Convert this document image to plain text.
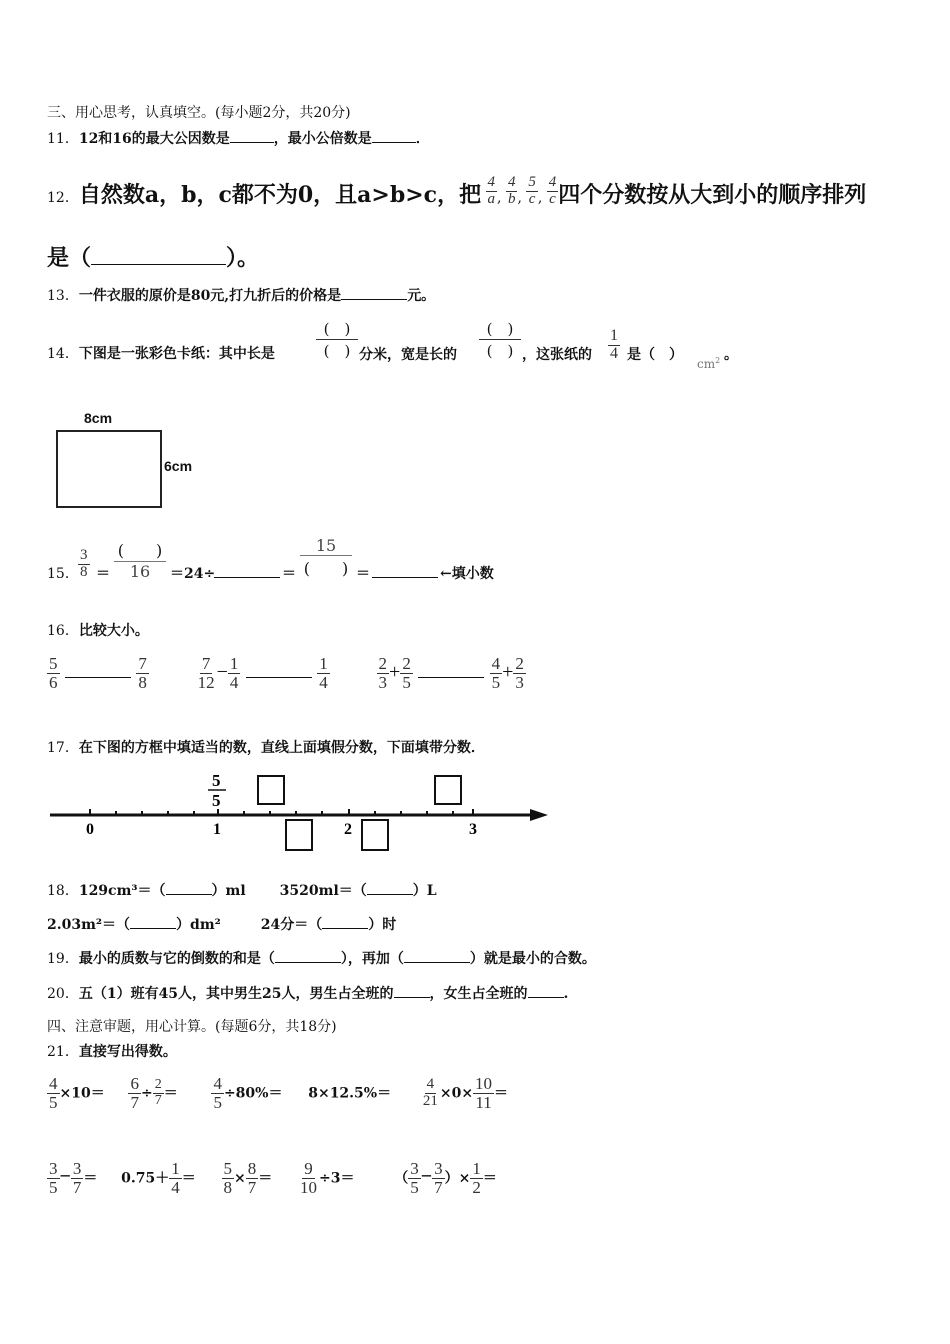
三、用心思考，认真填空。(每小题2分，共20分)
11．12和16的最大公因数是	，最小公倍数是	．
12．自然数a，b，c都不为0，且a>b>c，把 $\frac{4}{a}$ , $\frac{4}{b}$ , $\frac{5}{c}$ , $\frac{4}{c}$ 四个分数按从大到小的顺序排列
是（	）。
13．一件衣服的原价是80元,打九折后的价格是	元。
14．下图是一张彩色卡纸：其中长是
(　)
(　) 分米，宽是长的
(　)
(　) ，这张纸的 $\frac{1}{4}$ 是（　）
$cm^2$ 。
8cm
6cm
15． $\frac{3}{8}$ ＝
(　　)
16	＝24÷	＝
15
(　　) ＝	←填小数
16．比较大小。
$\frac{5}{6}$
	$\frac{7}{8}$
	$\frac{7}{12} - \frac{1}{4}$
	$\frac{1}{4}$
	$\frac{2}{3} + \frac{2}{5}$
	$\frac{4}{5} + \frac{2}{3}$
17．在下图的方框中填适当的数，直线上面填假分数，下面填带分数．
0	1	2	3
5
5
18．129cm³＝（	）ml 3520ml＝（	）L
2.03m²＝（	）dm²	24分＝（	）时
19．最小的质数与它的倒数的和是（	），再加（	）就是最小的合数。
20．五（1）班有45人，其中男生25人，男生占全班的	，女生占全班的	.
四、注意审题，用心计算。(每题6分，共18分)
21．直接写出得数。
$\frac{4}{5} \times 10= \frac{6}{7} \div \frac{2}{7} = \frac{4}{5} \div 80\%= 8\times 12.5\%= \frac{4}{21} \times 0\times \frac{10}{11}$ ＝
$\frac{3}{5} - \frac{3}{7} = 0.75+ \frac{1}{4} = \frac{5}{8} \times \frac{8}{7} = \frac{9}{10} \div 3=$	（ $\frac{3}{5} - \frac{3}{7}$ ）× $\frac{1}{2}$ ＝
